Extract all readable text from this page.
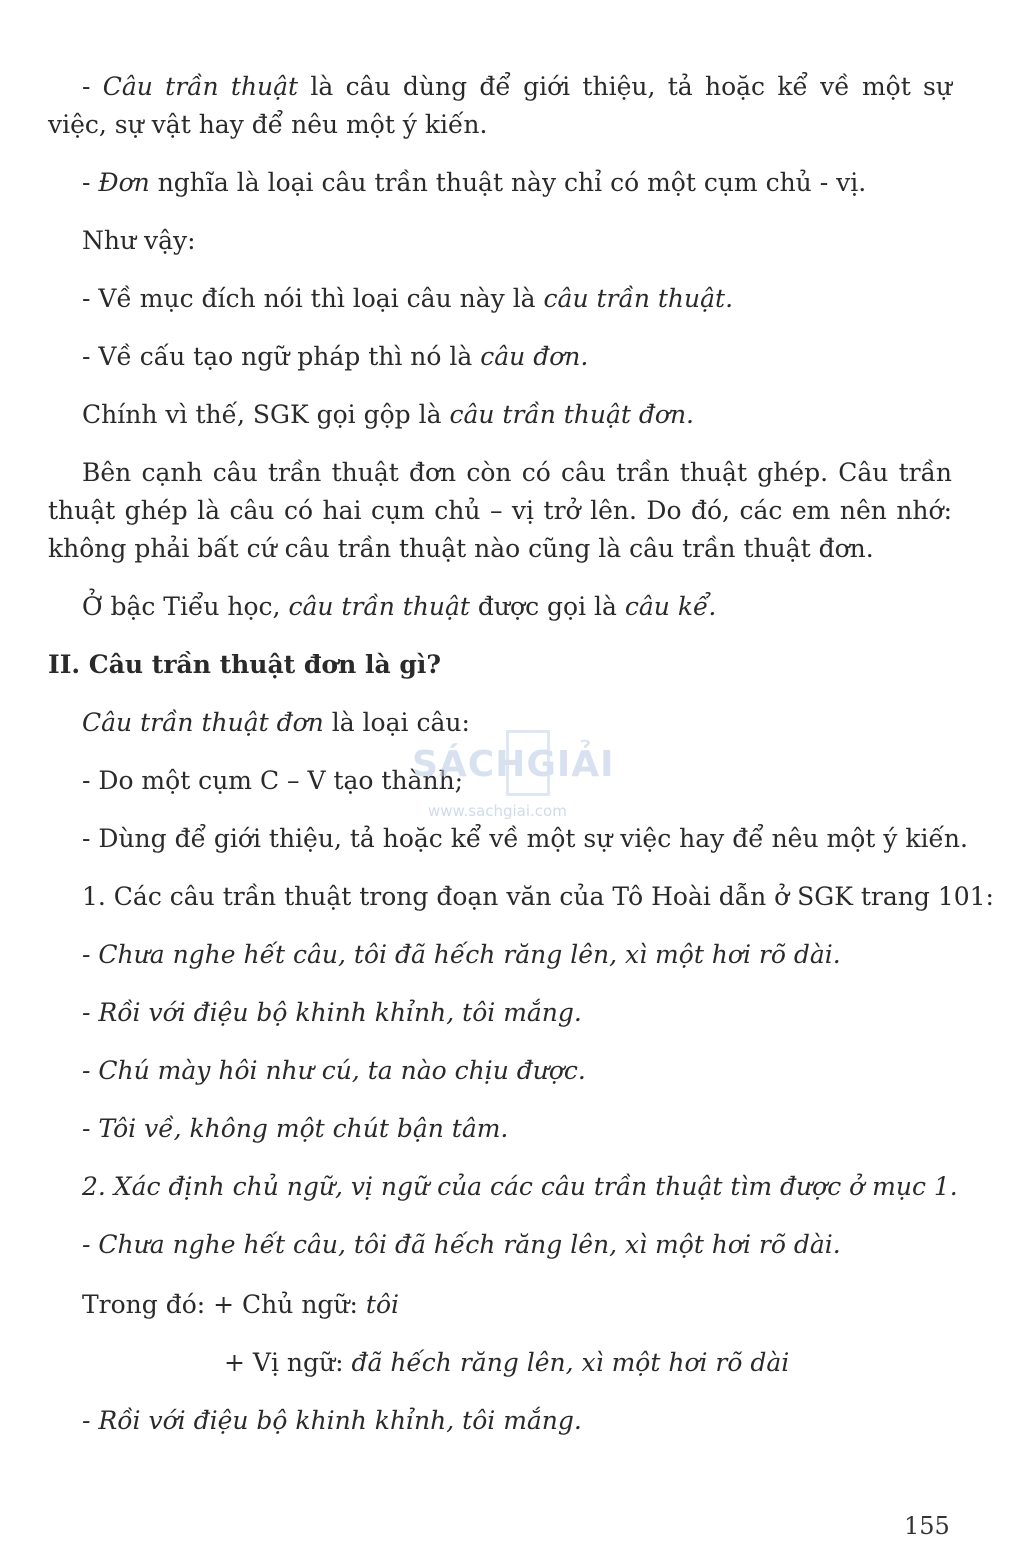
- Câu trần thuật là câu dùng để giới thiệu, tả hoặc kể về một sự việc, sự vật hay để nêu một ý kiến.
- Đơn nghĩa là loại câu trần thuật này chỉ có một cụm chủ - vị.
Như vậy:
- Về mục đích nói thì loại câu này là câu trần thuật.
- Về cấu tạo ngữ pháp thì nó là câu đơn.
Chính vì thế, SGK gọi gộp là câu trần thuật đơn.
Bên cạnh câu trần thuật đơn còn có câu trần thuật ghép. Câu trần thuật ghép là câu có hai cụm chủ – vị trở lên. Do đó, các em nên nhớ: không phải bất cứ câu trần thuật nào cũng là câu trần thuật đơn.
Ở bậc Tiểu học, câu trần thuật được gọi là câu kể.
II. Câu trần thuật đơn là gì?
Câu trần thuật đơn là loại câu:
- Do một cụm C – V tạo thành;
- Dùng để giới thiệu, tả hoặc kể về một sự việc hay để nêu một ý kiến.
1. Các câu trần thuật trong đoạn văn của Tô Hoài dẫn ở SGK trang 101:
- Chưa nghe hết câu, tôi đã hếch răng lên, xì một hơi rõ dài.
- Rồi với điệu bộ khinh khỉnh, tôi mắng.
- Chú mày hôi như cú, ta nào chịu được.
- Tôi về, không một chút bận tâm.
2. Xác định chủ ngữ, vị ngữ của các câu trần thuật tìm được ở mục 1.
- Chưa nghe hết câu, tôi đã hếch răng lên, xì một hơi rõ dài.
Trong đó: + Chủ ngữ: tôi
+ Vị ngữ: đã hếch răng lên, xì một hơi rõ dài
- Rồi với điệu bộ khinh khỉnh, tôi mắng.
SÁCHGIẢI
www.sachgiai.com
155
